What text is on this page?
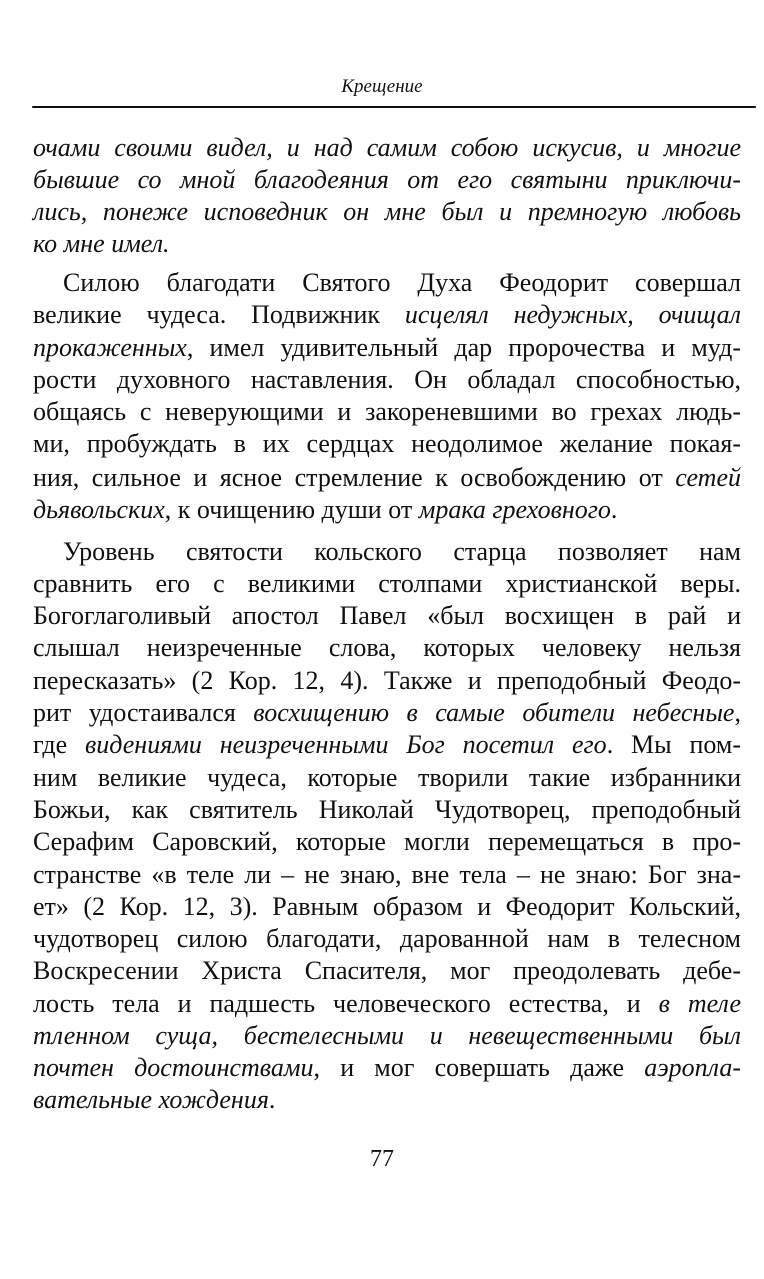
Крещение
очами своими видел, и над самим собою искусив, и многие
бывшие со мной благодеяния от его святыни приключи-
лись, понеже исповедник он мне был и премногую любовь
ко мне имел.
Силою благодати Святого Духа Феодорит совершал
великие чудеса. Подвижник исцелял недужных, очищал
прокаженных, имел удивительный дар пророчества и муд-
рости духовного наставления. Он обладал способностью,
общаясь с неверующими и закореневшими во грехах людь-
ми, пробуждать в их сердцах неодолимое желание покая-
ния, сильное и ясное стремление к освобождению от сетей
дьявольских, к очищению души от мрака греховного.
Уровень святости кольского старца позволяет нам
сравнить его с великими столпами христианской веры.
Богоглаголивый апостол Павел «был восхищен в рай и
слышал неизреченные слова, которых человеку нельзя
пересказать» (2 Кор. 12, 4). Также и преподобный Феодо-
рит удостаивался восхищению в самые обители небесные,
где видениями неизреченными Бог посетил его. Мы пом-
ним великие чудеса, которые творили такие избранники
Божьи, как святитель Николай Чудотворец, преподобный
Серафим Саровский, которые могли перемещаться в про-
странстве «в теле ли – не знаю, вне тела – не знаю: Бог зна-
ет» (2 Кор. 12, 3). Равным образом и Феодорит Кольский,
чудотворец силою благодати, дарованной нам в телесном
Воскресении Христа Спасителя, мог преодолевать дебе-
лость тела и падшесть человеческого естества, и в теле
тленном суща, бестелесными и невещественными был
почтен достоинствами, и мог совершать даже аэропла-
вательные хождения.
77
